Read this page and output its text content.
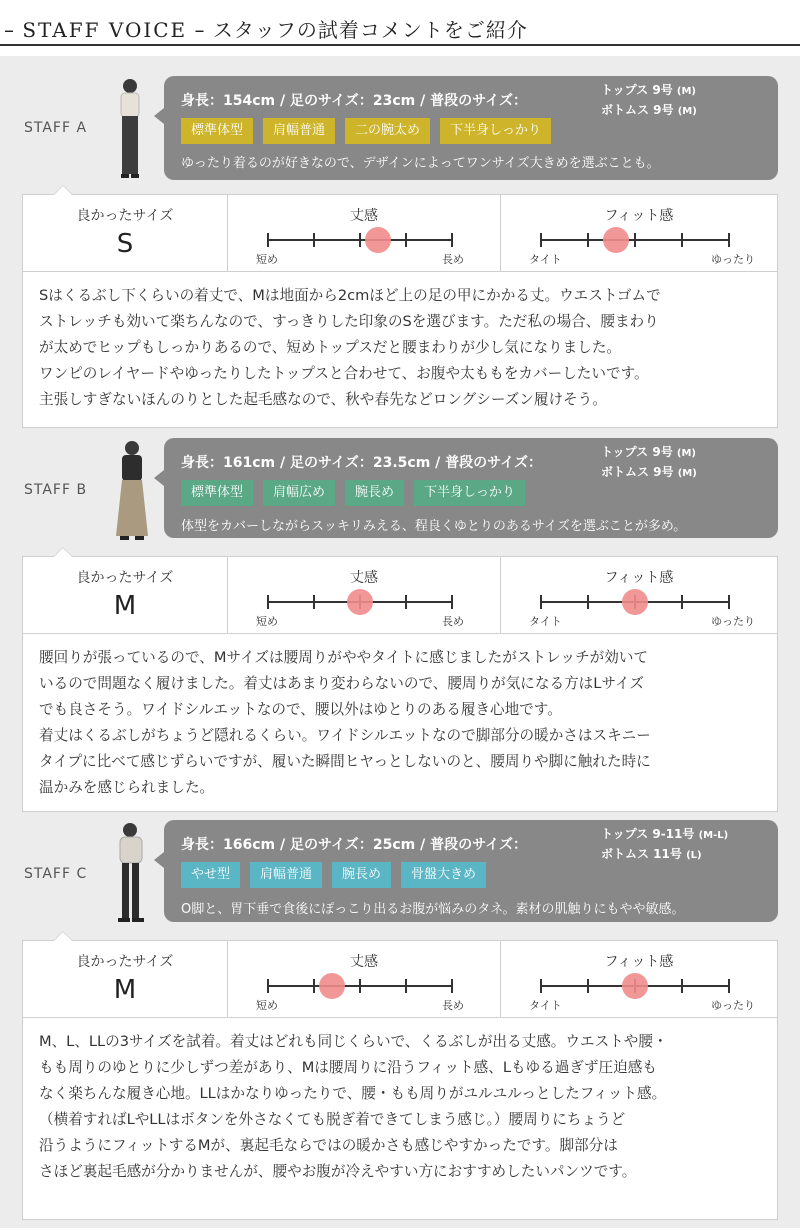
– STAFF VOICE – スタッフの試着コメントをご紹介
STAFF A
身長：154cm / 足のサイズ：23cm / 普段のサイズ：
トップス 9号 (M)
ボトムス 9号 (M)
標準体型	肩幅普通	二の腕太め	下半身しっかり
ゆったり着るのが好きなので、デザインによってワンサイズ大きめを選ぶことも。
良かったサイズ
S
丈感
短め	長め
フィット感
タイト	ゆったり
Sはくるぶし下くらいの着丈で、Mは地面から2cmほど上の足の甲にかかる丈。ウエストゴムで
ストレッチも効いて楽ちんなので、すっきりした印象のSを選びます。ただ私の場合、腰まわり
が太めでヒップもしっかりあるので、短めトップスだと腰まわりが少し気になりました。
ワンピのレイヤードやゆったりしたトップスと合わせて、お腹や太ももをカバーしたいです。
主張しすぎないほんのりとした起毛感なので、秋や春先などロングシーズン履けそう。
STAFF B
身長：161cm / 足のサイズ：23.5cm / 普段のサイズ：
トップス 9号 (M)
ボトムス 9号 (M)
標準体型	肩幅広め	腕長め	下半身しっかり
体型をカバーしながらスッキリみえる、程良くゆとりのあるサイズを選ぶことが多め。
良かったサイズ
M
丈感
短め	長め
フィット感
タイト	ゆったり
腰回りが張っているので、Mサイズは腰周りがややタイトに感じましたがストレッチが効いて
いるので問題なく履けました。着丈はあまり変わらないので、腰周りが気になる方はLサイズ
でも良さそう。ワイドシルエットなので、腰以外はゆとりのある履き心地です。
着丈はくるぶしがちょうど隠れるくらい。ワイドシルエットなので脚部分の暖かさはスキニー
タイプに比べて感じずらいですが、履いた瞬間ヒヤっとしないのと、腰周りや脚に触れた時に
温かみを感じられました。
STAFF C
身長：166cm / 足のサイズ：25cm / 普段のサイズ：
トップス 9-11号 (M-L)
ボトムス 11号 (L)
やせ型	肩幅普通	腕長め	骨盤大きめ
O脚と、胃下垂で食後にぽっこり出るお腹が悩みのタネ。素材の肌触りにもやや敏感。
良かったサイズ
M
丈感
短め	長め
フィット感
タイト	ゆったり
M、L、LLの3サイズを試着。着丈はどれも同じくらいで、くるぶしが出る丈感。ウエストや腰・
もも周りのゆとりに少しずつ差があり、Mは腰周りに沿うフィット感、Lもゆる過ぎず圧迫感も
なく楽ちんな履き心地。LLはかなりゆったりで、腰・もも周りがユルユルっとしたフィット感。
（横着すればLやLLはボタンを外さなくても脱ぎ着できてしまう感じ。）腰周りにちょうど
沿うようにフィットするMが、裏起毛ならではの暖かさも感じやすかったです。脚部分は
さほど裏起毛感が分かりませんが、腰やお腹が冷えやすい方におすすめしたいパンツです。
